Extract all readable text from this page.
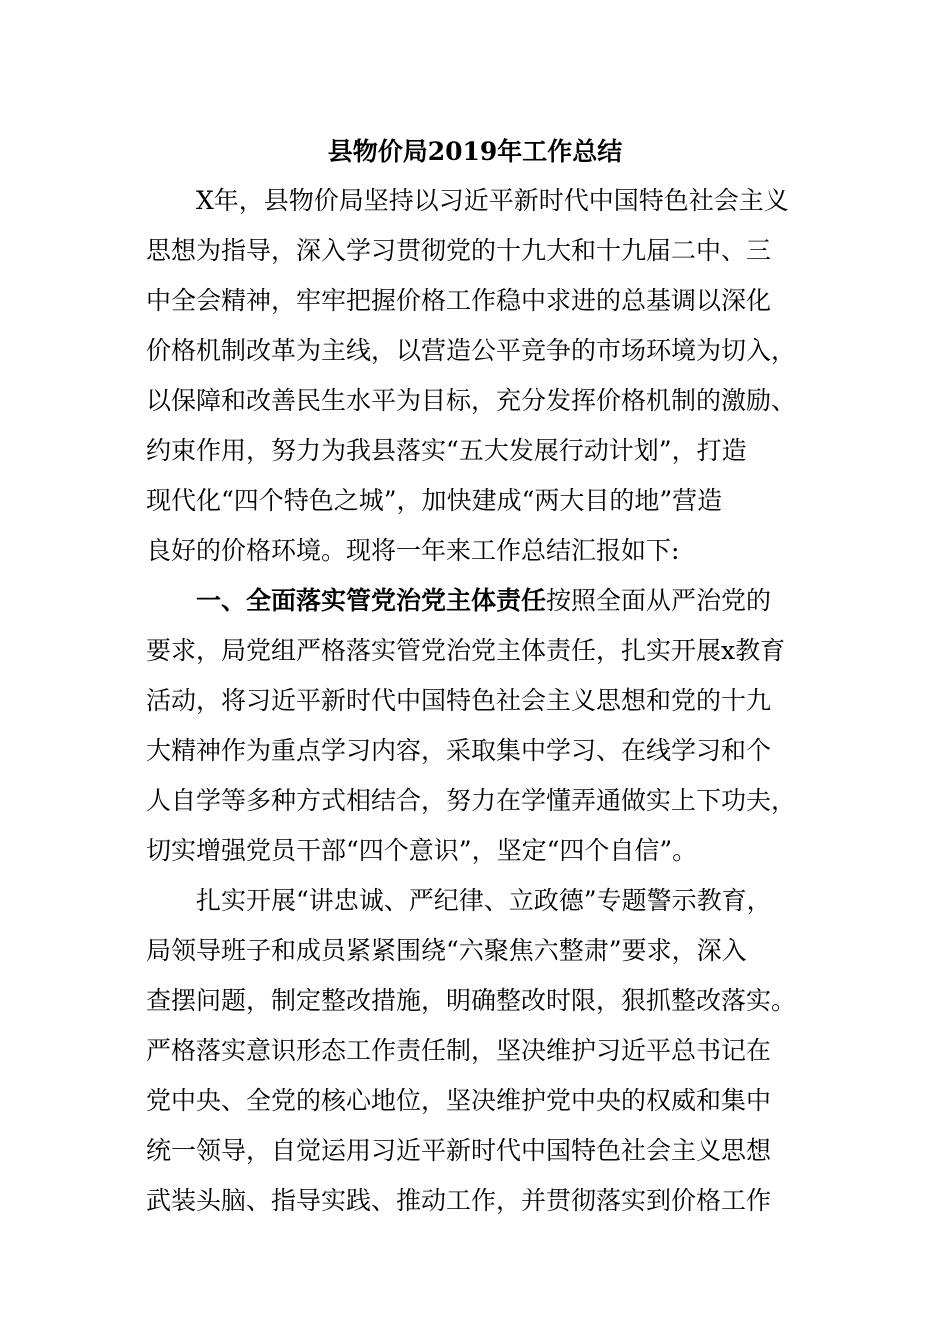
县物价局2019年工作总结
X年，县物价局坚持以习近平新时代中国特色社会主义
思想为指导，深入学习贯彻党的十九大和十九届二中、三
中全会精神，牢牢把握价格工作稳中求进的总基调以深化
价格机制改革为主线，以营造公平竞争的市场环境为切入，
以保障和改善民生水平为目标，充分发挥价格机制的激励、
约束作用，努力为我县落实“五大发展行动计划”，打造
现代化“四个特色之城”，加快建成“两大目的地”营造
良好的价格环境。现将一年来工作总结汇报如下:
一、全面落实管党治党主体责任按照全面从严治党的
要求，局党组严格落实管党治党主体责任，扎实开展x教育
活动，将习近平新时代中国特色社会主义思想和党的十九
大精神作为重点学习内容，采取集中学习、在线学习和个
人自学等多种方式相结合，努力在学懂弄通做实上下功夫，
切实增强党员干部“四个意识”，坚定“四个自信”。
扎实开展“讲忠诚、严纪律、立政德”专题警示教育，
局领导班子和成员紧紧围绕“六聚焦六整肃”要求，深入
查摆问题，制定整改措施，明确整改时限，狠抓整改落实。
严格落实意识形态工作责任制，坚决维护习近平总书记在
党中央、全党的核心地位，坚决维护党中央的权威和集中
统一领导，自觉运用习近平新时代中国特色社会主义思想
武装头脑、指导实践、推动工作，并贯彻落实到价格工作
